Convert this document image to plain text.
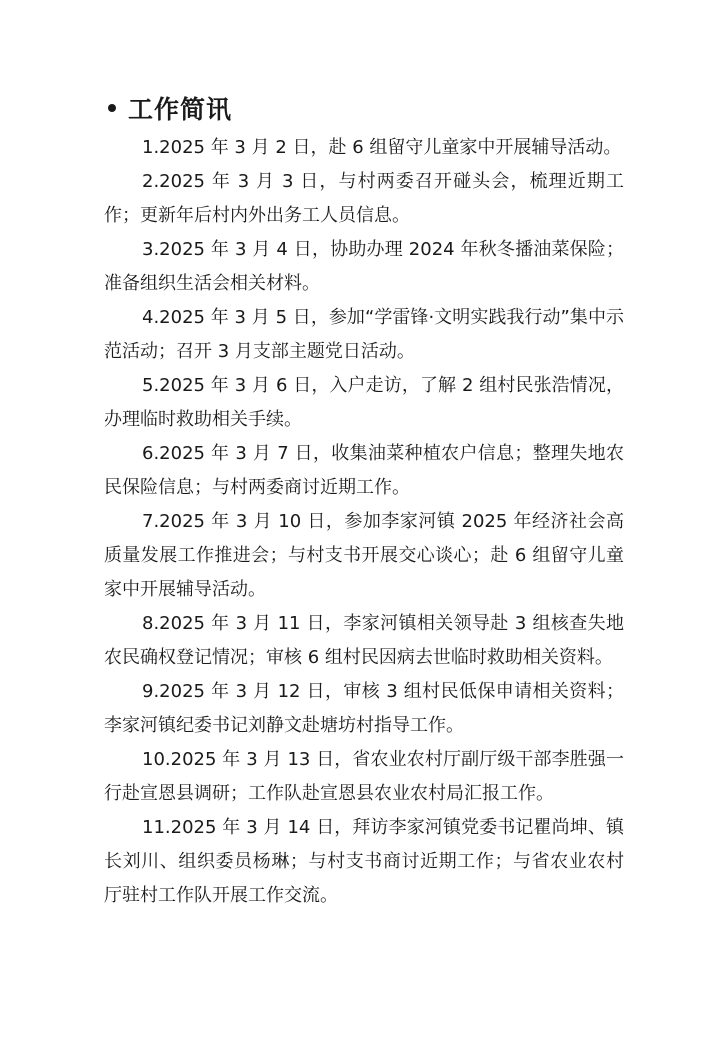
工作简讯

1.2025 年 3 月 2 日，赴 6 组留守儿童家中开展辅导活动。

2.2025 年 3 月 3 日，与村两委召开碰头会，梳理近期工作；更新年后村内外出务工人员信息。

3.2025 年 3 月 4 日，协助办理 2024 年秋冬播油菜保险；准备组织生活会相关材料。

4.2025 年 3 月 5 日，参加“学雷锋·文明实践我行动”集中示范活动；召开 3 月支部主题党日活动。

5.2025 年 3 月 6 日，入户走访，了解 2 组村民张浩情况，办理临时救助相关手续。

6.2025 年 3 月 7 日，收集油菜种植农户信息；整理失地农民保险信息；与村两委商讨近期工作。

7.2025 年 3 月 10 日，参加李家河镇 2025 年经济社会高质量发展工作推进会；与村支书开展交心谈心；赴 6 组留守儿童家中开展辅导活动。

8.2025 年 3 月 11 日，李家河镇相关领导赴 3 组核查失地农民确权登记情况；审核 6 组村民因病去世临时救助相关资料。

9.2025 年 3 月 12 日，审核 3 组村民低保申请相关资料；李家河镇纪委书记刘静文赴塘坊村指导工作。

10.2025 年 3 月 13 日，省农业农村厅副厅级干部李胜强一行赴宣恩县调研；工作队赴宣恩县农业农村局汇报工作。

11.2025 年 3 月 14 日，拜访李家河镇党委书记瞿尚坤、镇长刘川、组织委员杨琳；与村支书商讨近期工作；与省农业农村厅驻村工作队开展工作交流。
